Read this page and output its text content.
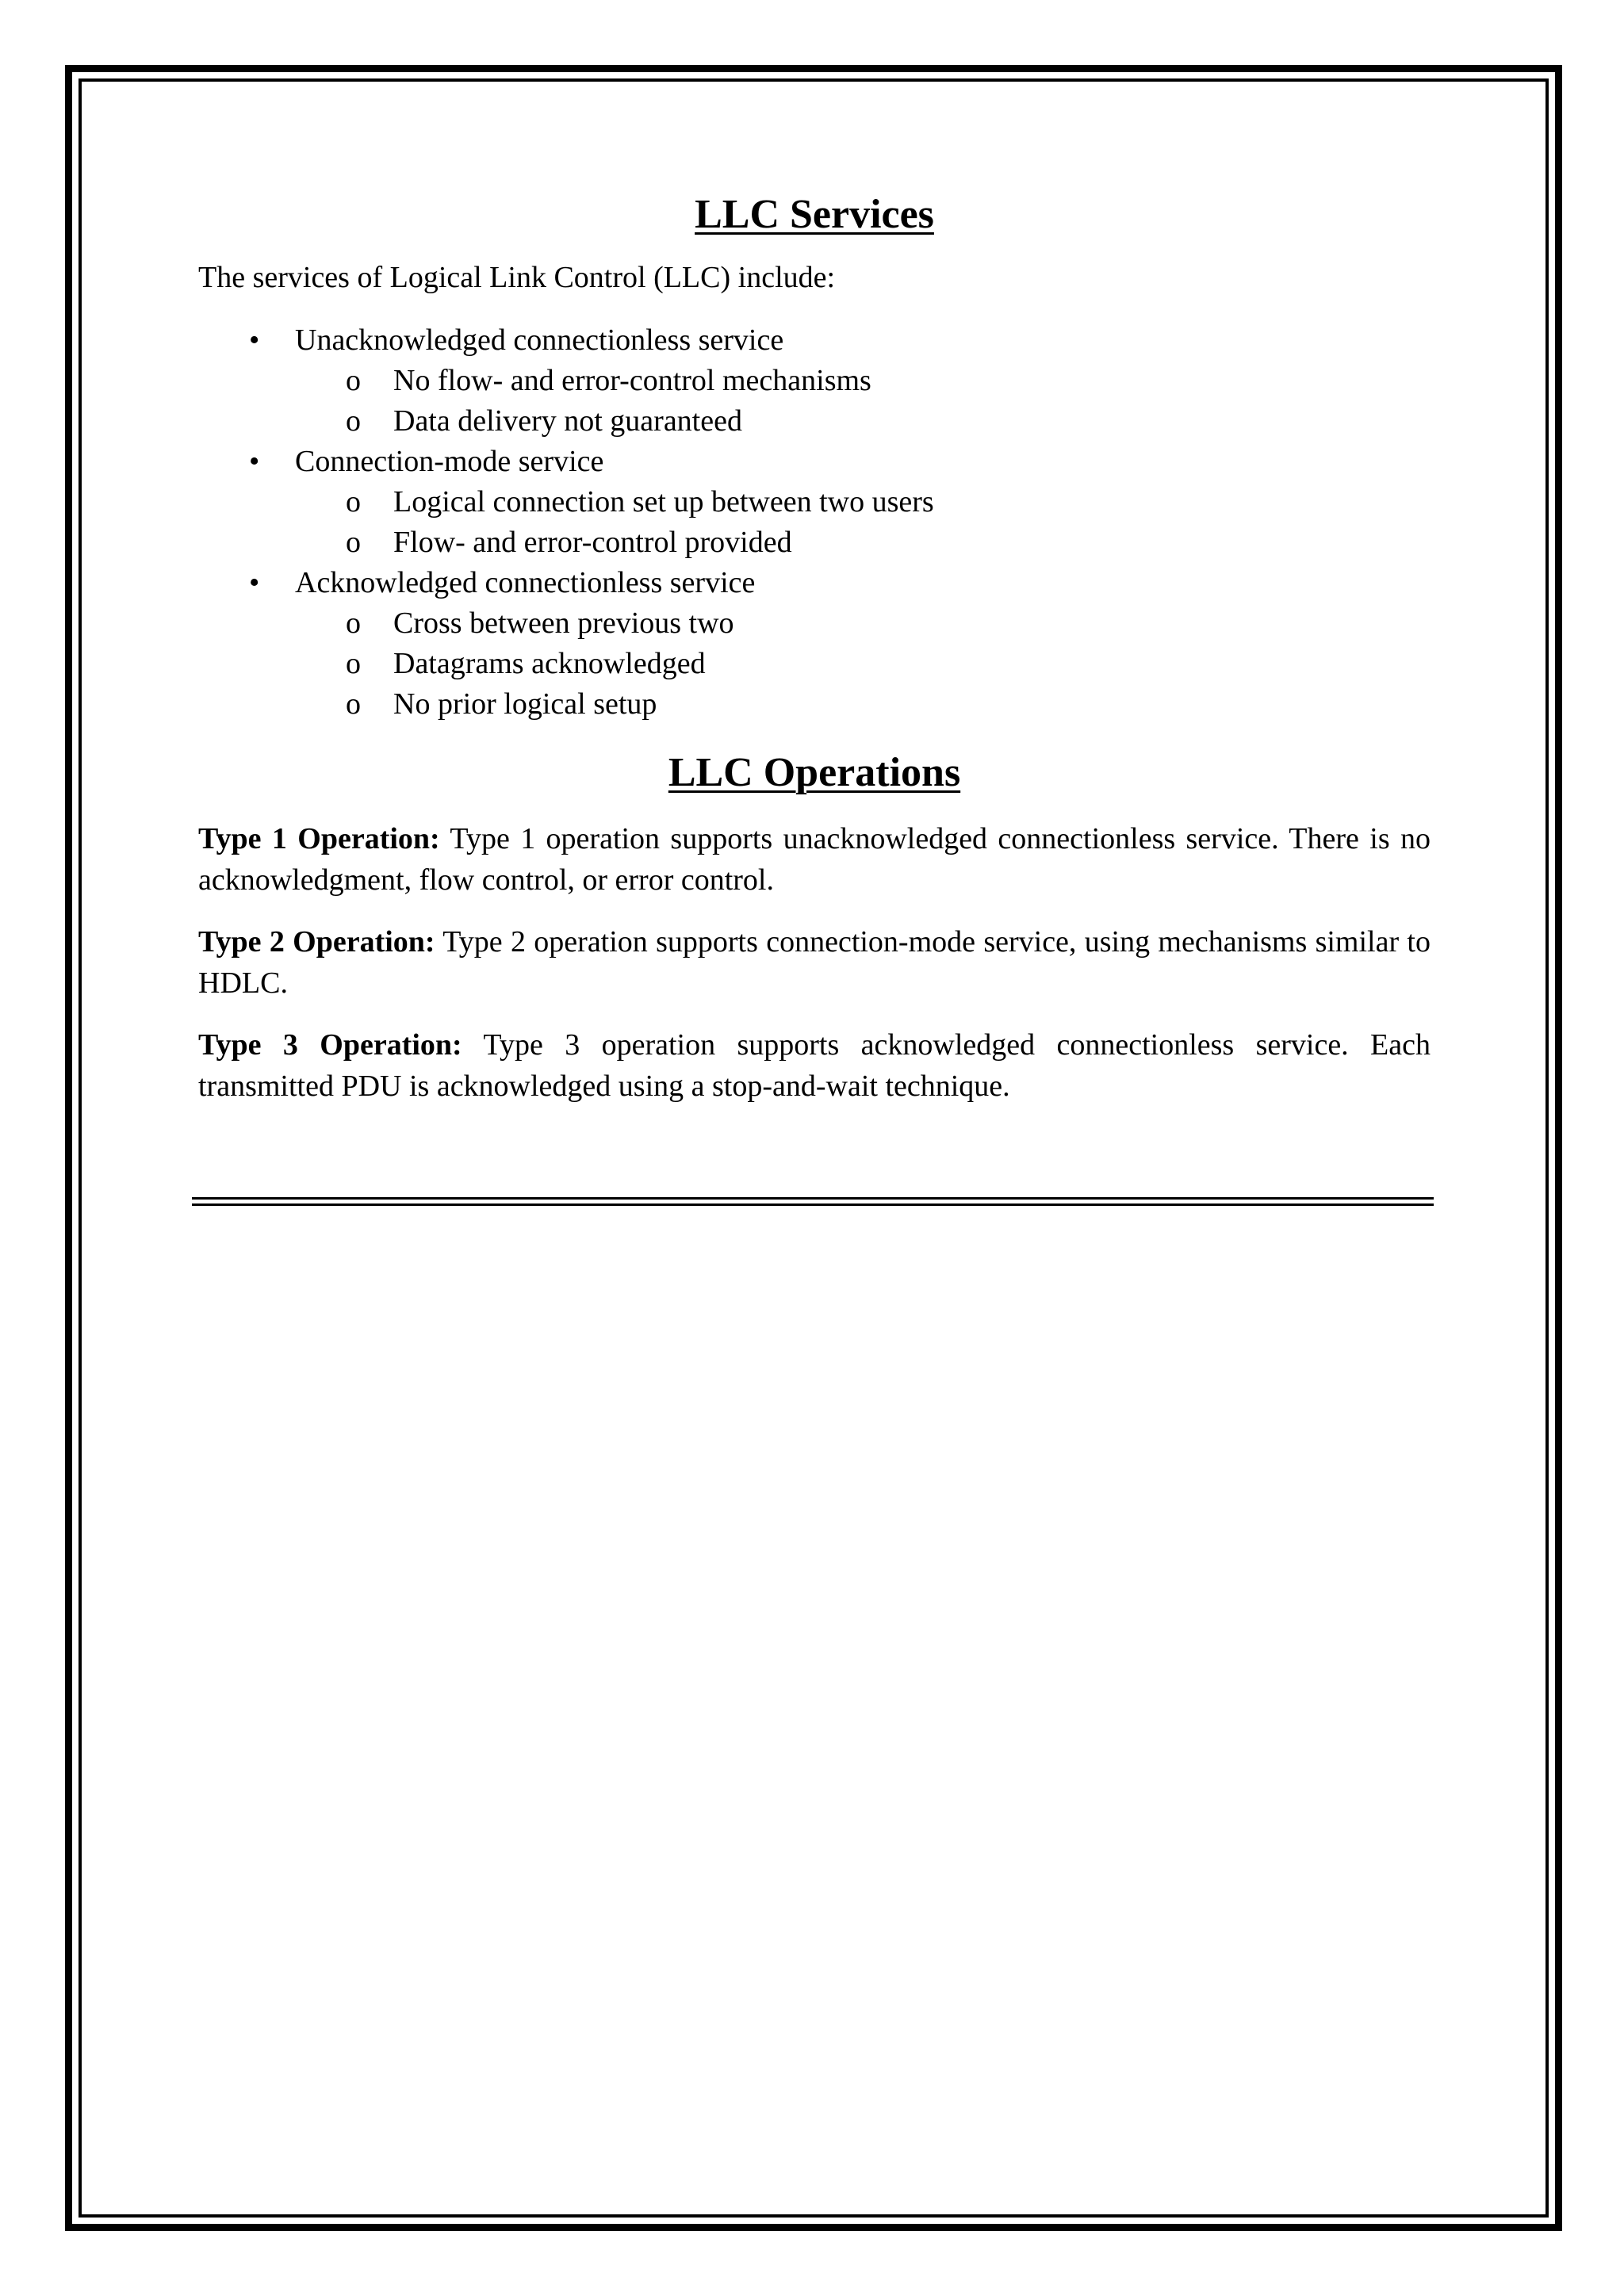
LLC Services

The services of Logical Link Control (LLC) include:

• Unacknowledged connectionless service
o No flow- and error-control mechanisms
o Data delivery not guaranteed
• Connection-mode service
o Logical connection set up between two users
o Flow- and error-control provided
• Acknowledged connectionless service
o Cross between previous two
o Datagrams acknowledged
o No prior logical setup
LLC Operations

Type 1 Operation: Type 1 operation supports unacknowledged connectionless service. There is no acknowledgment, flow control, or error control.

Type 2 Operation: Type 2 operation supports connection-mode service, using mechanisms similar to HDLC.

Type 3 Operation: Type 3 operation supports acknowledged connectionless service. Each transmitted PDU is acknowledged using a stop-and-wait technique.
